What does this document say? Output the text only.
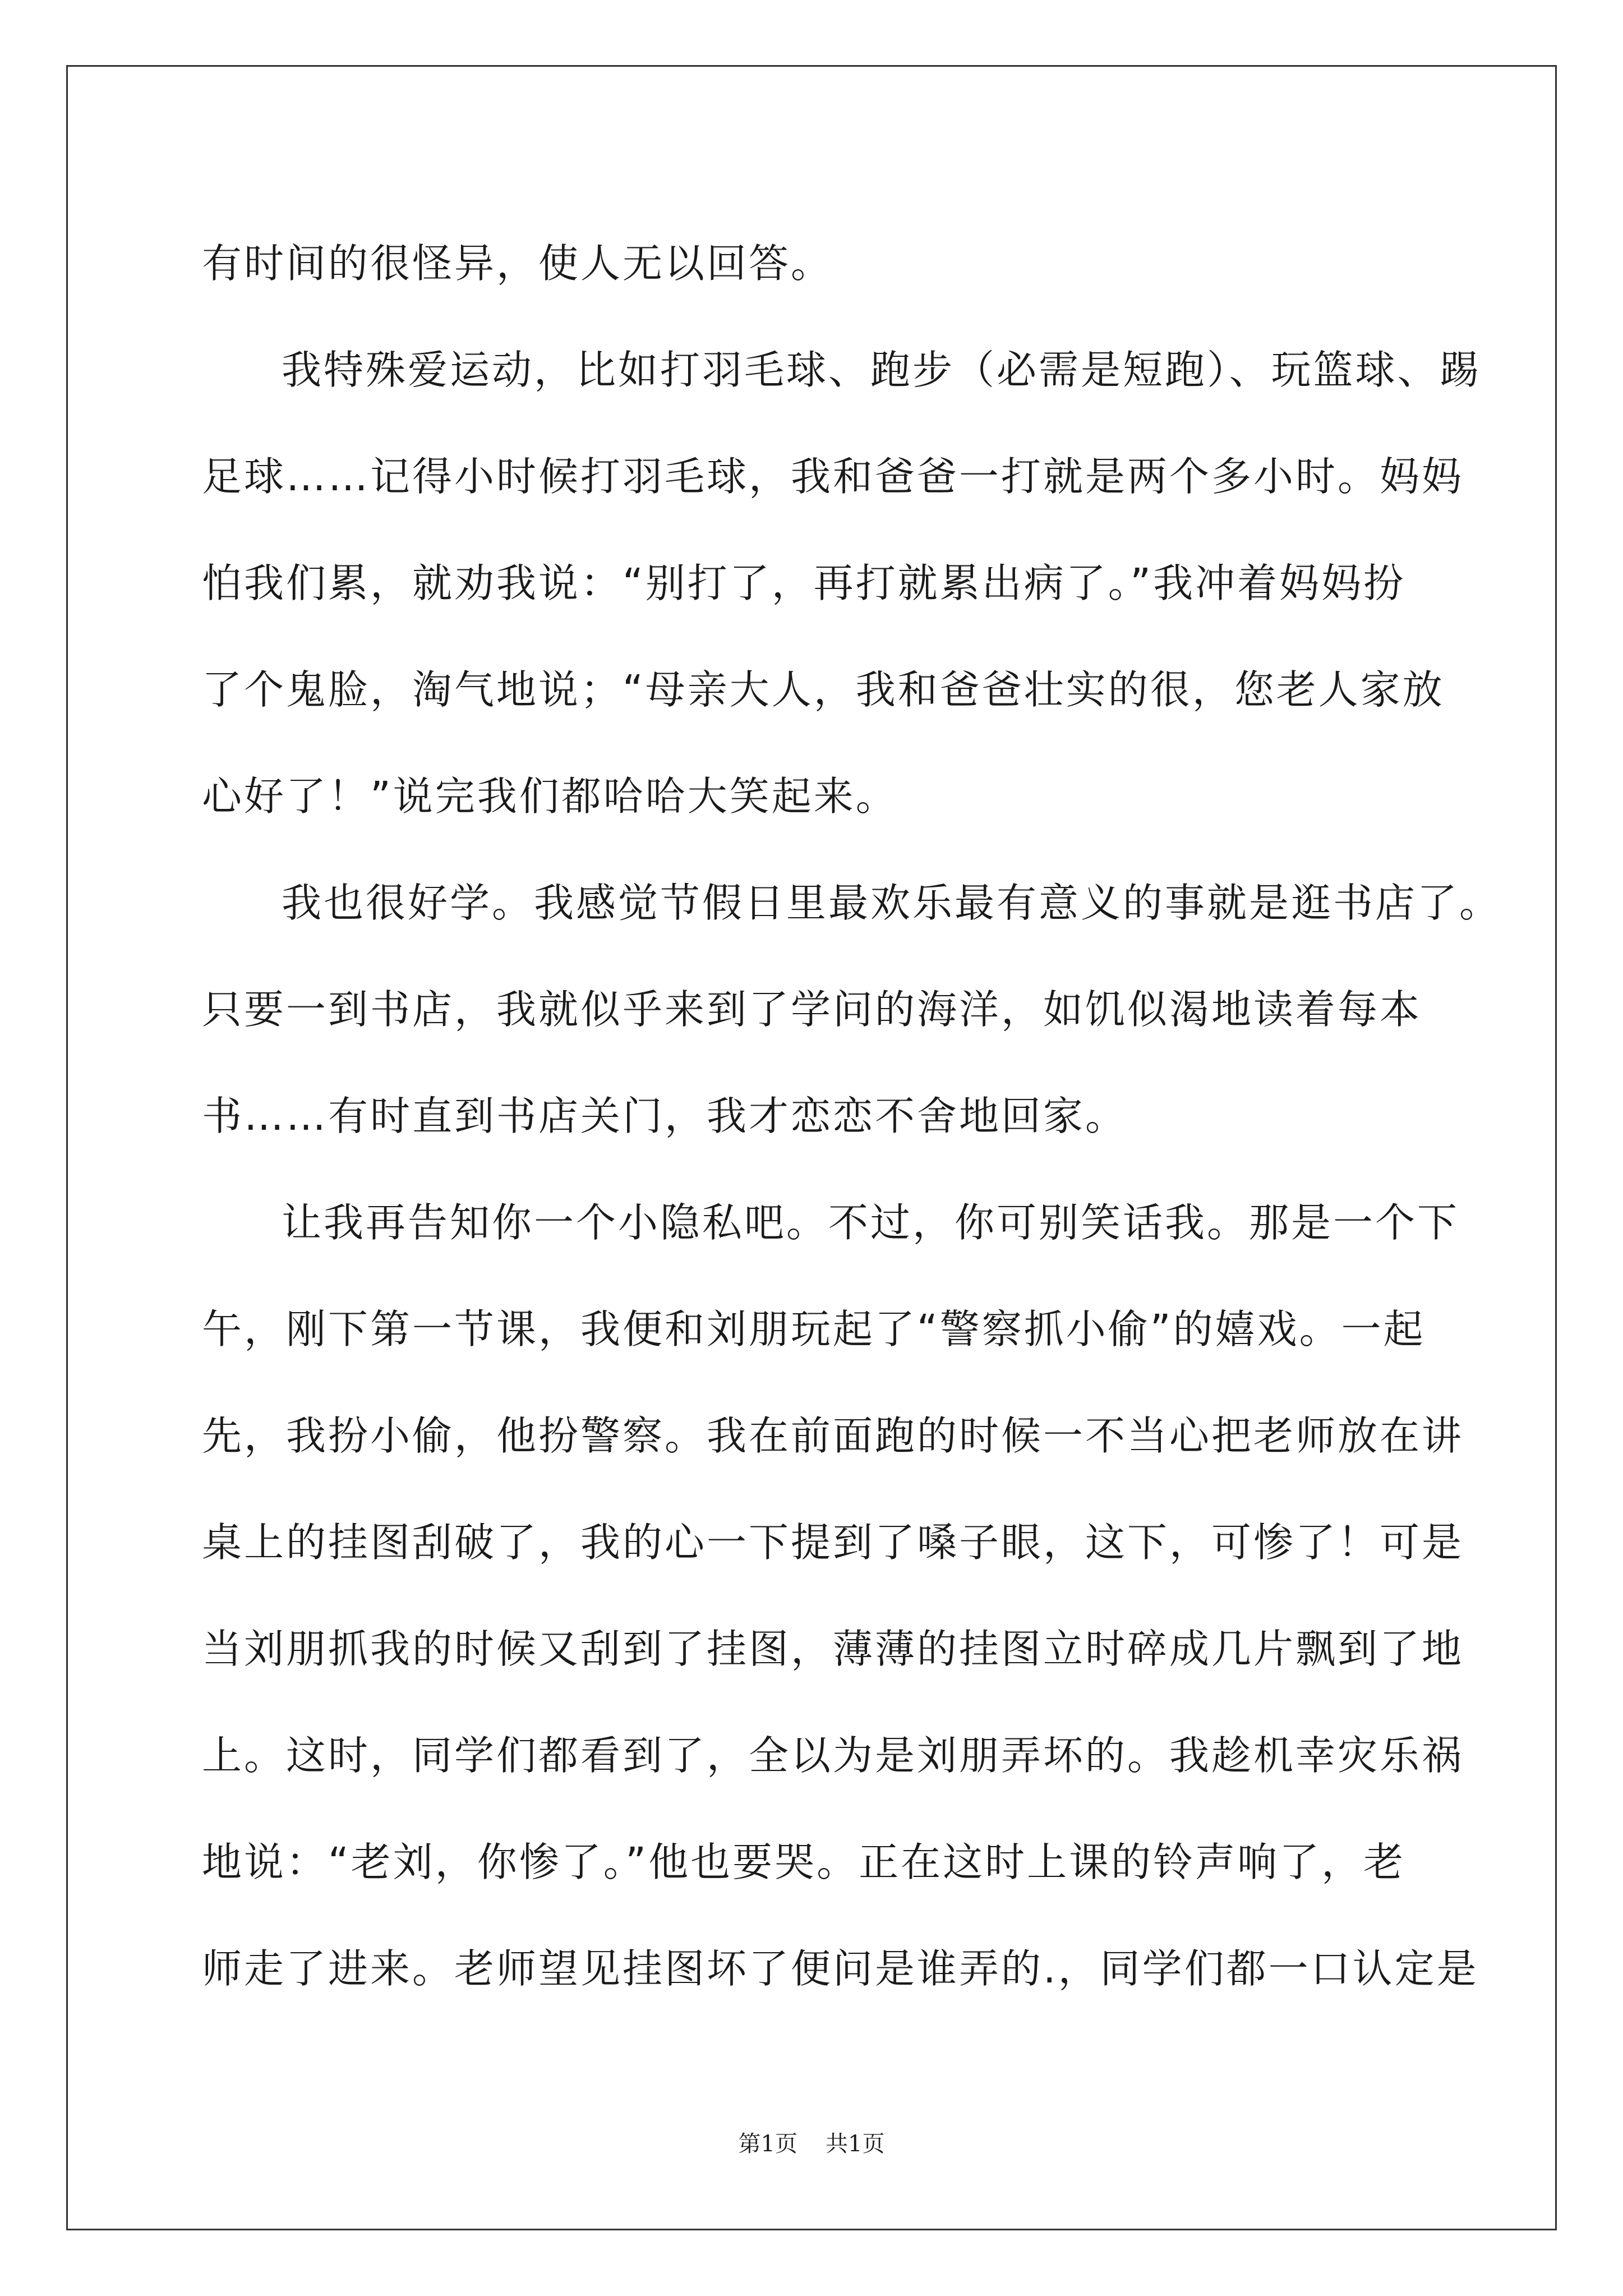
有时间的很怪异，使人无以回答。
我特殊爱运动，比如打羽毛球、跑步（必需是短跑）、玩篮球、踢
足球……记得小时候打羽毛球，我和爸爸一打就是两个多小时。妈妈
怕我们累，就劝我说：“别打了，再打就累出病了。”我冲着妈妈扮
了个鬼脸，淘气地说；“母亲大人，我和爸爸壮实的很，您老人家放
心好了！”说完我们都哈哈大笑起来。
我也很好学。我感觉节假日里最欢乐最有意义的事就是逛书店了。
只要一到书店，我就似乎来到了学问的海洋，如饥似渴地读着每本
书……有时直到书店关门，我才恋恋不舍地回家。
让我再告知你一个小隐私吧。不过，你可别笑话我。那是一个下
午，刚下第一节课，我便和刘朋玩起了“警察抓小偷”的嬉戏。一起
先，我扮小偷，他扮警察。我在前面跑的时候一不当心把老师放在讲
桌上的挂图刮破了，我的心一下提到了嗓子眼，这下，可惨了！可是
当刘朋抓我的时候又刮到了挂图，薄薄的挂图立时碎成几片飘到了地
上。这时，同学们都看到了，全以为是刘朋弄坏的。我趁机幸灾乐祸
地说：“老刘，你惨了。”他也要哭。正在这时上课的铃声响了，老
师走了进来。老师望见挂图坏了便问是谁弄的.，同学们都一口认定是
第1页 共1页
